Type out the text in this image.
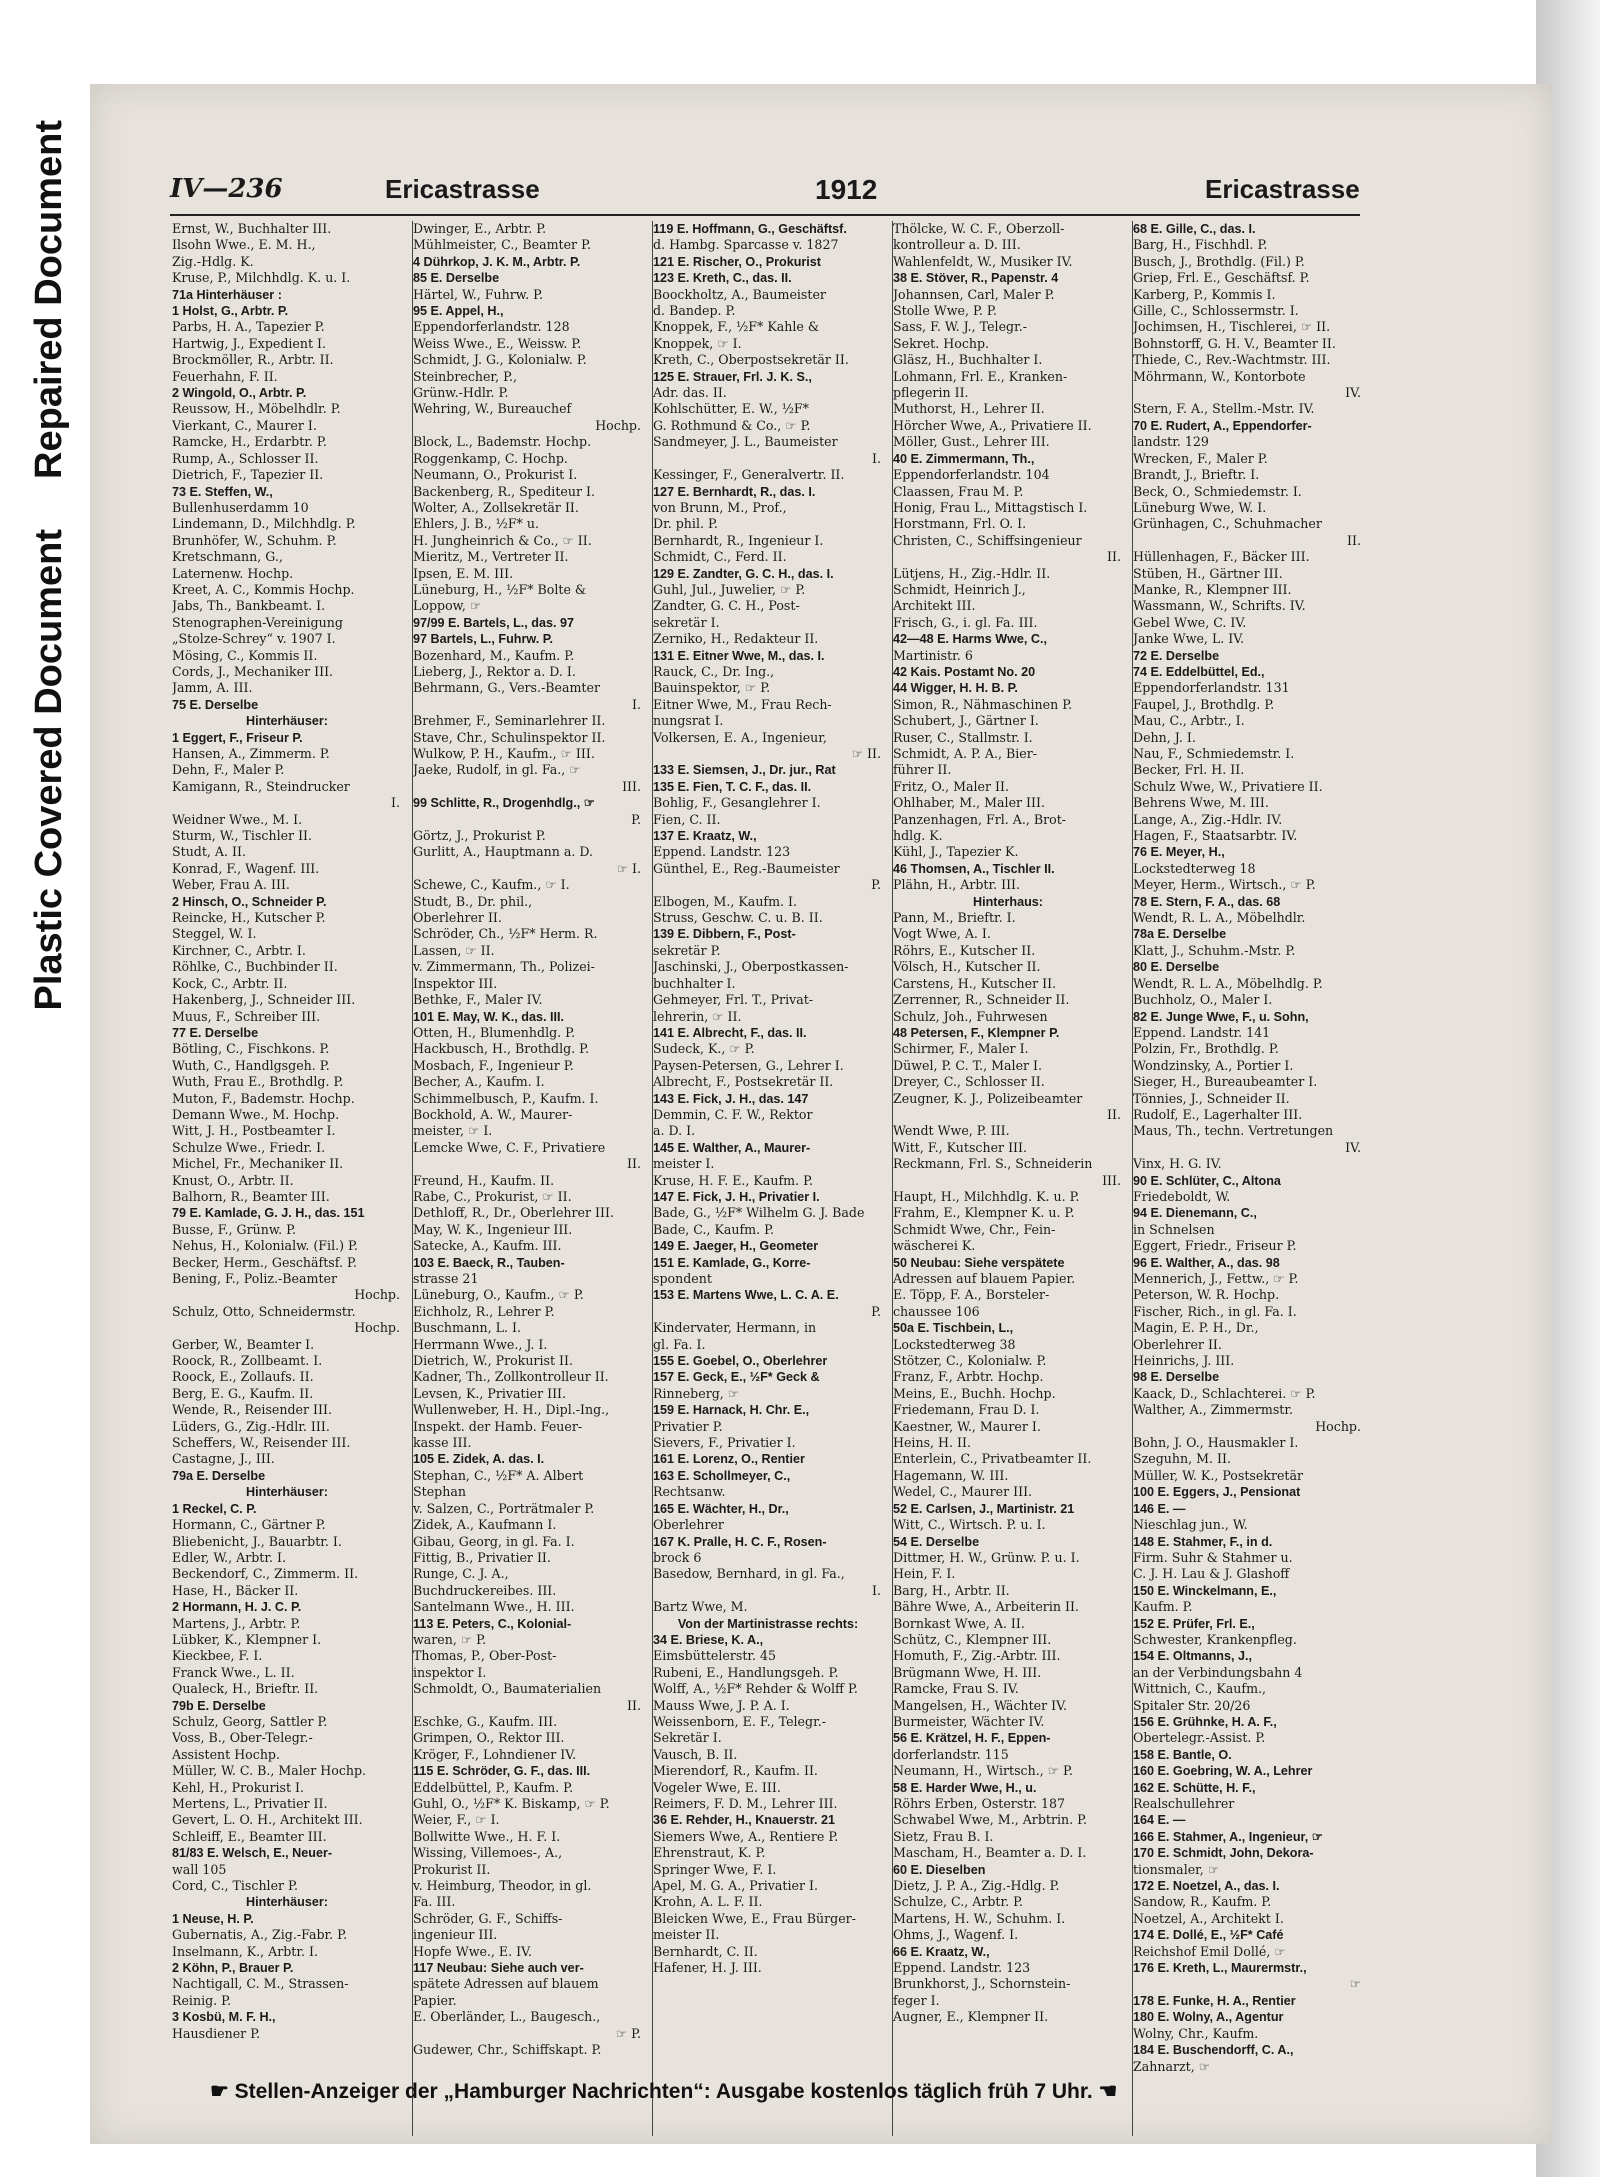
Repaired Document
Plastic Covered Document
IV—236	Ericastrasse	1912	Ericastrasse
Ernst, W., Buchhalter III.
Ilsohn Wwe., E. M. H.,
Zig.-Hdlg. K.
Kruse, P., Milchhdlg. K. u. I.
71a Hinterhäuser :
1 Holst, G., Arbtr. P.
Parbs, H. A., Tapezier P.
Hartwig, J., Expedient I.
Brockmöller, R., Arbtr. II.
Feuerhahn, F. II.
2 Wingold, O., Arbtr. P.
Reussow, H., Möbelhdlr. P.
Vierkant, C., Maurer I.
Ramcke, H., Erdarbtr. P.
Rump, A., Schlosser II.
Dietrich, F., Tapezier II.
73 E. Steffen, W.,
Bullenhuserdamm 10
Lindemann, D., Milchhdlg. P.
Brunhöfer, W., Schuhm. P.
Kretschmann, G.,
Laternenw. Hochp.
Kreet, A. C., Kommis Hochp.
Jabs, Th., Bankbeamt. I.
Stenographen-Vereinigung
„Stolze-Schrey“ v. 1907 I.
Mösing, C., Kommis II.
Cords, J., Mechaniker III.
Jamm, A. III.
75 E. Derselbe
Hinterhäuser:
1 Eggert, F., Friseur P.
Hansen, A., Zimmerm. P.
Dehn, F., Maler P.
Kamigann, R., Steindrucker
I.
Weidner Wwe., M. I.
Sturm, W., Tischler II.
Studt, A. II.
Konrad, F., Wagenf. III.
Weber, Frau A. III.
2 Hinsch, O., Schneider P.
Reincke, H., Kutscher P.
Steggel, W. I.
Kirchner, C., Arbtr. I.
Röhlke, C., Buchbinder II.
Kock, C., Arbtr. II.
Hakenberg, J., Schneider III.
Muus, F., Schreiber III.
77 E. Derselbe
Bötling, C., Fischkons. P.
Wuth, C., Handlgsgeh. P.
Wuth, Frau E., Brothdlg. P.
Muton, F., Bademstr. Hochp.
Demann Wwe., M. Hochp.
Witt, J. H., Postbeamter I.
Schulze Wwe., Friedr. I.
Michel, Fr., Mechaniker II.
Knust, O., Arbtr. II.
Balhorn, R., Beamter III.
79 E. Kamlade, G. J. H., das. 151
Busse, F., Grünw. P.
Nehus, H., Kolonialw. (Fil.) P.
Becker, Herm., Geschäftsf. P.
Bening, F., Poliz.-Beamter
Hochp.
Schulz, Otto, Schneidermstr.
Hochp.
Gerber, W., Beamter I.
Roock, R., Zollbeamt. I.
Roock, E., Zollaufs. II.
Berg, E. G., Kaufm. II.
Wende, R., Reisender III.
Lüders, G., Zig.-Hdlr. III.
Scheffers, W., Reisender III.
Castagne, J., III.
79a E. Derselbe
Hinterhäuser:
1 Reckel, C. P.
Hormann, C., Gärtner P.
Bliebenicht, J., Bauarbtr. I.
Edler, W., Arbtr. I.
Beckendorf, C., Zimmerm. II.
Hase, H., Bäcker II.
2 Hormann, H. J. C. P.
Martens, J., Arbtr. P.
Lübker, K., Klempner I.
Kieckbee, F. I.
Franck Wwe., L. II.
Qualeck, H., Brieftr. II.
79b E. Derselbe
Schulz, Georg, Sattler P.
Voss, B., Ober-Telegr.-
Assistent Hochp.
Müller, W. C. B., Maler Hochp.
Kehl, H., Prokurist I.
Mertens, L., Privatier II.
Gevert, L. O. H., Architekt III.
Schleiff, E., Beamter III.
81/83 E. Welsch, E., Neuer-
wall 105
Cord, C., Tischler P.
Hinterhäuser:
1 Neuse, H. P.
Gubernatis, A., Zig.-Fabr. P.
Inselmann, K., Arbtr. I.
2 Köhn, P., Brauer P.
Nachtigall, C. M., Strassen-
Reinig. P.
3 Kosbü, M. F. H.,
Hausdiener P.
Dwinger, E., Arbtr. P.
Mühlmeister, C., Beamter P.
4 Dührkop, J. K. M., Arbtr. P.
85 E. Derselbe
Härtel, W., Fuhrw. P.
95 E. Appel, H.,
Eppendorferlandstr. 128
Weiss Wwe., E., Weissw. P.
Schmidt, J. G., Kolonialw. P.
Steinbrecher, P.,
Grünw.-Hdlr. P.
Wehring, W., Bureauchef
Hochp.
Block, L., Bademstr. Hochp.
Roggenkamp, C. Hochp.
Neumann, O., Prokurist I.
Backenberg, R., Spediteur I.
Wolter, A., Zollsekretär II.
Ehlers, J. B., ½F* u.
H. Jungheinrich & Co., ☞ II.
Mieritz, M., Vertreter II.
Ipsen, E. M. III.
Lüneburg, H., ½F* Bolte &
Loppow, ☞
97/99 E. Bartels, L., das. 97
97 Bartels, L., Fuhrw. P.
Bozenhard, M., Kaufm. P.
Lieberg, J., Rektor a. D. I.
Behrmann, G., Vers.-Beamter
I.
Brehmer, F., Seminarlehrer II.
Stave, Chr., Schulinspektor II.
Wulkow, P. H., Kaufm., ☞ III.
Jaeke, Rudolf, in gl. Fa., ☞
III.
99 Schlitte, R., Drogenhdlg., ☞
P.
Görtz, J., Prokurist P.
Gurlitt, A., Hauptmann a. D.
☞ I.
Schewe, C., Kaufm., ☞ I.
Studt, B., Dr. phil.,
Oberlehrer II.
Schröder, Ch., ½F* Herm. R.
Lassen, ☞ II.
v. Zimmermann, Th., Polizei-
Inspektor III.
Bethke, F., Maler IV.
101 E. May, W. K., das. III.
Otten, H., Blumenhdlg. P.
Hackbusch, H., Brothdlg. P.
Mosbach, F., Ingenieur P.
Becher, A., Kaufm. I.
Schimmelbusch, P., Kaufm. I.
Bockhold, A. W., Maurer-
meister, ☞ I.
Lemcke Wwe, C. F., Privatiere
II.
Freund, H., Kaufm. II.
Rabe, C., Prokurist, ☞ II.
Dethloff, R., Dr., Oberlehrer III.
May, W. K., Ingenieur III.
Satecke, A., Kaufm. III.
103 E. Baeck, R., Tauben-
strasse 21
Lüneburg, O., Kaufm., ☞ P.
Eichholz, R., Lehrer P.
Buschmann, L. I.
Herrmann Wwe., J. I.
Dietrich, W., Prokurist II.
Kadner, Th., Zollkontrolleur II.
Levsen, K., Privatier III.
Wullenweber, H. H., Dipl.-Ing.,
Inspekt. der Hamb. Feuer-
kasse III.
105 E. Zidek, A. das. I.
Stephan, C., ½F* A. Albert
Stephan
v. Salzen, C., Porträtmaler P.
Zidek, A., Kaufmann I.
Gibau, Georg, in gl. Fa. I.
Fittig, B., Privatier II.
Runge, C. J. A.,
Buchdruckereibes. III.
Santelmann Wwe., H. III.
113 E. Peters, C., Kolonial-
waren, ☞ P.
Thomas, P., Ober-Post-
inspektor I.
Schmoldt, O., Baumaterialien
II.
Eschke, G., Kaufm. III.
Grimpen, O., Rektor III.
Kröger, F., Lohndiener IV.
115 E. Schröder, G. F., das. III.
Eddelbüttel, P., Kaufm. P.
Guhl, O., ½F* K. Biskamp, ☞ P.
Weier, F., ☞ I.
Bollwitte Wwe., H. F. I.
Wissing, Villemoes-, A.,
Prokurist II.
v. Heimburg, Theodor, in gl.
Fa. III.
Schröder, G. F., Schiffs-
ingenieur III.
Hopfe Wwe., E. IV.
117 Neubau: Siehe auch ver-
spätete Adressen auf blauem
Papier.
E. Oberländer, L., Baugesch.,
☞ P.
Gudewer, Chr., Schiffskapt. P.
119 E. Hoffmann, G., Geschäftsf.
d. Hambg. Sparcasse v. 1827
121 E. Rischer, O., Prokurist
123 E. Kreth, C., das. II.
Boockholtz, A., Baumeister
d. Bandep. P.
Knoppek, F., ½F* Kahle &
Knoppek, ☞ I.
Kreth, C., Oberpostsekretär II.
125 E. Strauer, Frl. J. K. S.,
Adr. das. II.
Kohlschütter, E. W., ½F*
G. Rothmund & Co., ☞ P.
Sandmeyer, J. L., Baumeister
I.
Kessinger, F., Generalvertr. II.
127 E. Bernhardt, R., das. I.
von Brunn, M., Prof.,
Dr. phil. P.
Bernhardt, R., Ingenieur I.
Schmidt, C., Ferd. II.
129 E. Zandter, G. C. H., das. I.
Guhl, Jul., Juwelier, ☞ P.
Zandter, G. C. H., Post-
sekretär I.
Zerniko, H., Redakteur II.
131 E. Eitner Wwe, M., das. I.
Rauck, C., Dr. Ing.,
Bauinspektor, ☞ P.
Eitner Wwe, M., Frau Rech-
nungsrat I.
Volkersen, E. A., Ingenieur,
☞ II.
133 E. Siemsen, J., Dr. jur., Rat
135 E. Fien, T. C. F., das. II.
Bohlig, F., Gesanglehrer I.
Fien, C. II.
137 E. Kraatz, W.,
Eppend. Landstr. 123
Günthel, E., Reg.-Baumeister
P.
Elbogen, M., Kaufm. I.
Struss, Geschw. C. u. B. II.
139 E. Dibbern, F., Post-
sekretär P.
Jaschinski, J., Oberpostkassen-
buchhalter I.
Gehmeyer, Frl. T., Privat-
lehrerin, ☞ II.
141 E. Albrecht, F., das. II.
Sudeck, K., ☞ P.
Paysen-Petersen, G., Lehrer I.
Albrecht, F., Postsekretär II.
143 E. Fick, J. H., das. 147
Demmin, C. F. W., Rektor
a. D. I.
145 E. Walther, A., Maurer-
meister I.
Kruse, H. F. E., Kaufm. P.
147 E. Fick, J. H., Privatier I.
Bade, G., ½F* Wilhelm G. J. Bade
Bade, C., Kaufm. P.
149 E. Jaeger, H., Geometer
151 E. Kamlade, G., Korre-
spondent
153 E. Martens Wwe, L. C. A. E.
P.
Kindervater, Hermann, in
gl. Fa. I.
155 E. Goebel, O., Oberlehrer
157 E. Geck, E., ½F* Geck &
Rinneberg, ☞
159 E. Harnack, H. Chr. E.,
Privatier P.
Sievers, F., Privatier I.
161 E. Lorenz, O., Rentier
163 E. Schollmeyer, C.,
Rechtsanw.
165 E. Wächter, H., Dr.,
Oberlehrer
167 K. Pralle, H. C. F., Rosen-
brock 6
Basedow, Bernhard, in gl. Fa.,
I.
Bartz Wwe, M.
Von der Martinistrasse rechts:
34 E. Briese, K. A.,
Eimsbüttelerstr. 45
Rubeni, E., Handlungsgeh. P.
Wolff, A., ½F* Rehder & Wolff P.
Mauss Wwe, J. P. A. I.
Weissenborn, E. F., Telegr.-
Sekretär I.
Vausch, B. II.
Mierendorf, R., Kaufm. II.
Vogeler Wwe, E. III.
Reimers, F. D. M., Lehrer III.
36 E. Rehder, H., Knauerstr. 21
Siemers Wwe, A., Rentiere P.
Ehrenstraut, K. P.
Springer Wwe, F. I.
Apel, M. G. A., Privatier I.
Krohn, A. L. F. II.
Bleicken Wwe, E., Frau Bürger-
meister II.
Bernhardt, C. II.
Hafener, H. J. III.
Thölcke, W. C. F., Oberzoll-
kontrolleur a. D. III.
Wahlenfeldt, W., Musiker IV.
38 E. Stöver, R., Papenstr. 4
Johannsen, Carl, Maler P.
Stolle Wwe, P. P.
Sass, F. W. J., Telegr.-
Sekret. Hochp.
Gläsz, H., Buchhalter I.
Lohmann, Frl. E., Kranken-
pflegerin II.
Muthorst, H., Lehrer II.
Hörcher Wwe, A., Privatiere II.
Möller, Gust., Lehrer III.
40 E. Zimmermann, Th.,
Eppendorferlandstr. 104
Claassen, Frau M. P.
Honig, Frau L., Mittagstisch I.
Horstmann, Frl. O. I.
Christen, C., Schiffsingenieur
II.
Lütjens, H., Zig.-Hdlr. II.
Schmidt, Heinrich J.,
Architekt III.
Frisch, G., i. gl. Fa. III.
42—48 E. Harms Wwe, C.,
Martinistr. 6
42 Kais. Postamt No. 20
44 Wigger, H. H. B. P.
Simon, R., Nähmaschinen P.
Schubert, J., Gärtner I.
Ruser, C., Stallmstr. I.
Schmidt, A. P. A., Bier-
führer II.
Fritz, O., Maler II.
Ohlhaber, M., Maler III.
Panzenhagen, Frl. A., Brot-
hdlg. K.
Kühl, J., Tapezier K.
46 Thomsen, A., Tischler II.
Plähn, H., Arbtr. III.
Hinterhaus:
Pann, M., Brieftr. I.
Vogt Wwe, A. I.
Röhrs, E., Kutscher II.
Völsch, H., Kutscher II.
Carstens, H., Kutscher II.
Zerrenner, R., Schneider II.
Schulz, Joh., Fuhrwesen
48 Petersen, F., Klempner P.
Schirmer, F., Maler I.
Düwel, P. C. T., Maler I.
Dreyer, C., Schlosser II.
Zeugner, K. J., Polizeibeamter
II.
Wendt Wwe, P. III.
Witt, F., Kutscher III.
Reckmann, Frl. S., Schneiderin
III.
Haupt, H., Milchhdlg. K. u. P.
Frahm, E., Klempner K. u. P.
Schmidt Wwe, Chr., Fein-
wäscherei K.
50 Neubau: Siehe verspätete
Adressen auf blauem Papier.
E. Töpp, F. A., Borsteler-
chaussee 106
50a E. Tischbein, L.,
Lockstedterweg 38
Stötzer, C., Kolonialw. P.
Franz, F., Arbtr. Hochp.
Meins, E., Buchh. Hochp.
Friedemann, Frau D. I.
Kaestner, W., Maurer I.
Heins, H. II.
Enterlein, C., Privatbeamter II.
Hagemann, W. III.
Wedel, C., Maurer III.
52 E. Carlsen, J., Martinistr. 21
Witt, C., Wirtsch. P. u. I.
54 E. Derselbe
Dittmer, H. W., Grünw. P. u. I.
Hein, F. I.
Barg, H., Arbtr. II.
Bähre Wwe, A., Arbeiterin II.
Bornkast Wwe, A. II.
Schütz, C., Klempner III.
Homuth, F., Zig.-Arbtr. III.
Brügmann Wwe, H. III.
Ramcke, Frau S. IV.
Mangelsen, H., Wächter IV.
Burmeister, Wächter IV.
56 E. Krätzel, H. F., Eppen-
dorferlandstr. 115
Neumann, H., Wirtsch., ☞ P.
58 E. Harder Wwe, H., u.
Röhrs Erben, Osterstr. 187
Schwabel Wwe, M., Arbtrin. P.
Sietz, Frau B. I.
Mascham, H., Beamter a. D. I.
60 E. Dieselben
Dietz, J. P. A., Zig.-Hdlg. P.
Schulze, C., Arbtr. P.
Martens, H. W., Schuhm. I.
Ohms, J., Wagenf. I.
66 E. Kraatz, W.,
Eppend. Landstr. 123
Brunkhorst, J., Schornstein-
feger I.
Augner, E., Klempner II.
68 E. Gille, C., das. I.
Barg, H., Fischhdl. P.
Busch, J., Brothdlg. (Fil.) P.
Griep, Frl. E., Geschäftsf. P.
Karberg, P., Kommis I.
Gille, C., Schlossermstr. I.
Jochimsen, H., Tischlerei, ☞ II.
Bohnstorff, G. H. V., Beamter II.
Thiede, C., Rev.-Wachtmstr. III.
Möhrmann, W., Kontorbote
IV.
Stern, F. A., Stellm.-Mstr. IV.
70 E. Rudert, A., Eppendorfer-
landstr. 129
Wrecken, F., Maler P.
Brandt, J., Brieftr. I.
Beck, O., Schmiedemstr. I.
Lüneburg Wwe, W. I.
Grünhagen, C., Schuhmacher
II.
Hüllenhagen, F., Bäcker III.
Stüben, H., Gärtner III.
Manke, R., Klempner III.
Wassmann, W., Schrifts. IV.
Gebel Wwe, C. IV.
Janke Wwe, L. IV.
72 E. Derselbe
74 E. Eddelbüttel, Ed.,
Eppendorferlandstr. 131
Faupel, J., Brothdlg. P.
Mau, C., Arbtr., I.
Dehn, J. I.
Nau, F., Schmiedemstr. I.
Becker, Frl. H. II.
Schulz Wwe, W., Privatiere II.
Behrens Wwe, M. III.
Lange, A., Zig.-Hdlr. IV.
Hagen, F., Staatsarbtr. IV.
76 E. Meyer, H.,
Lockstedterweg 18
Meyer, Herm., Wirtsch., ☞ P.
78 E. Stern, F. A., das. 68
Wendt, R. L. A., Möbelhdlr.
78a E. Derselbe
Klatt, J., Schuhm.-Mstr. P.
80 E. Derselbe
Wendt, R. L. A., Möbelhdlg. P.
Buchholz, O., Maler I.
82 E. Junge Wwe, F., u. Sohn,
Eppend. Landstr. 141
Polzin, Fr., Brothdlg. P.
Wondzinsky, A., Portier I.
Sieger, H., Bureaubeamter I.
Tönnies, J., Schneider II.
Rudolf, E., Lagerhalter III.
Maus, Th., techn. Vertretungen
IV.
Vinx, H. G. IV.
90 E. Schlüter, C., Altona
Friedeboldt, W.
94 E. Dienemann, C.,
in Schnelsen
Eggert, Friedr., Friseur P.
96 E. Walther, A., das. 98
Mennerich, J., Fettw., ☞ P.
Peterson, W. R. Hochp.
Fischer, Rich., in gl. Fa. I.
Magin, E. P. H., Dr.,
Oberlehrer II.
Heinrichs, J. III.
98 E. Derselbe
Kaack, D., Schlachterei. ☞ P.
Walther, A., Zimmermstr.
Hochp.
Bohn, J. O., Hausmakler I.
Szeguhn, M. II.
Müller, W. K., Postsekretär
100 E. Eggers, J., Pensionat
146 E. —
Nieschlag jun., W.
148 E. Stahmer, F., in d.
Firm. Suhr & Stahmer u.
C. J. H. Lau & J. Glashoff
150 E. Winckelmann, E.,
Kaufm. P.
152 E. Prüfer, Frl. E.,
Schwester, Krankenpfleg.
154 E. Oltmanns, J.,
an der Verbindungsbahn 4
Wittnich, C., Kaufm.,
Spitaler Str. 20/26
156 E. Grühnke, H. A. F.,
Obertelegr.-Assist. P.
158 E. Bantle, O.
160 E. Goebring, W. A., Lehrer
162 E. Schütte, H. F.,
Realschullehrer
164 E. —
166 E. Stahmer, A., Ingenieur, ☞
170 E. Schmidt, John, Dekora-
tionsmaler, ☞
172 E. Noetzel, A., das. I.
Sandow, R., Kaufm. P.
Noetzel, A., Architekt I.
174 E. Dollé, E., ½F* Café
Reichshof Emil Dollé, ☞
176 E. Kreth, L., Maurermstr.,
☞
178 E. Funke, H. A., Rentier
180 E. Wolny, A., Agentur
Wolny, Chr., Kaufm.
184 E. Buschendorff, C. A.,
Zahnarzt, ☞
☛ Stellen-Anzeiger der „Hamburger Nachrichten“: Ausgabe kostenlos täglich früh 7 Uhr. ☚
